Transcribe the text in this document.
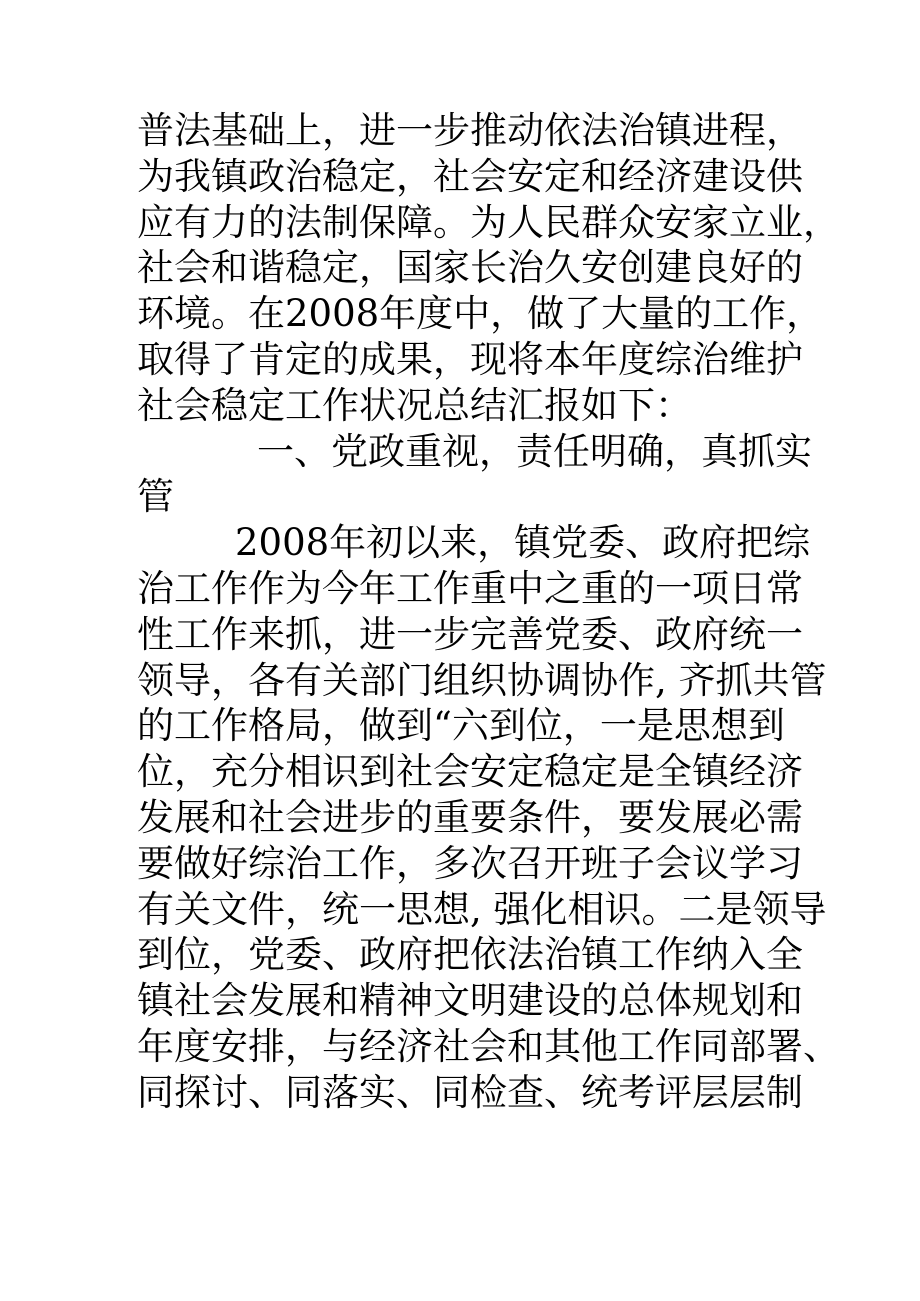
普法基础上，进一步推动依法治镇进程，
为我镇政治稳定，社会安定和经济建设供
应有力的法制保障。为人民群众安家立业，
社会和谐稳定，国家长治久安创建良好的
环境。在2008年度中，做了大量的工作，
取得了肯定的成果，现将本年度综治维护
社会稳定工作状况总结汇报如下：
一、党政重视，责任明确，真抓实
管
2008年初以来，镇党委、政府把综
治工作作为今年工作重中之重的一项日常
性工作来抓，进一步完善党委、政府统一
领导，各有关部门组织协调协作, 齐抓共管
的工作格局，做到“六到位，一是思想到
位，充分相识到社会安定稳定是全镇经济
发展和社会进步的重要条件，要发展必需
要做好综治工作，多次召开班子会议学习
有关文件，统一思想, 强化相识。二是领导
到位，党委、政府把依法治镇工作纳入全
镇社会发展和精神文明建设的总体规划和
年度安排，与经济社会和其他工作同部署、
同探讨、同落实、同检查、统考评层层制
